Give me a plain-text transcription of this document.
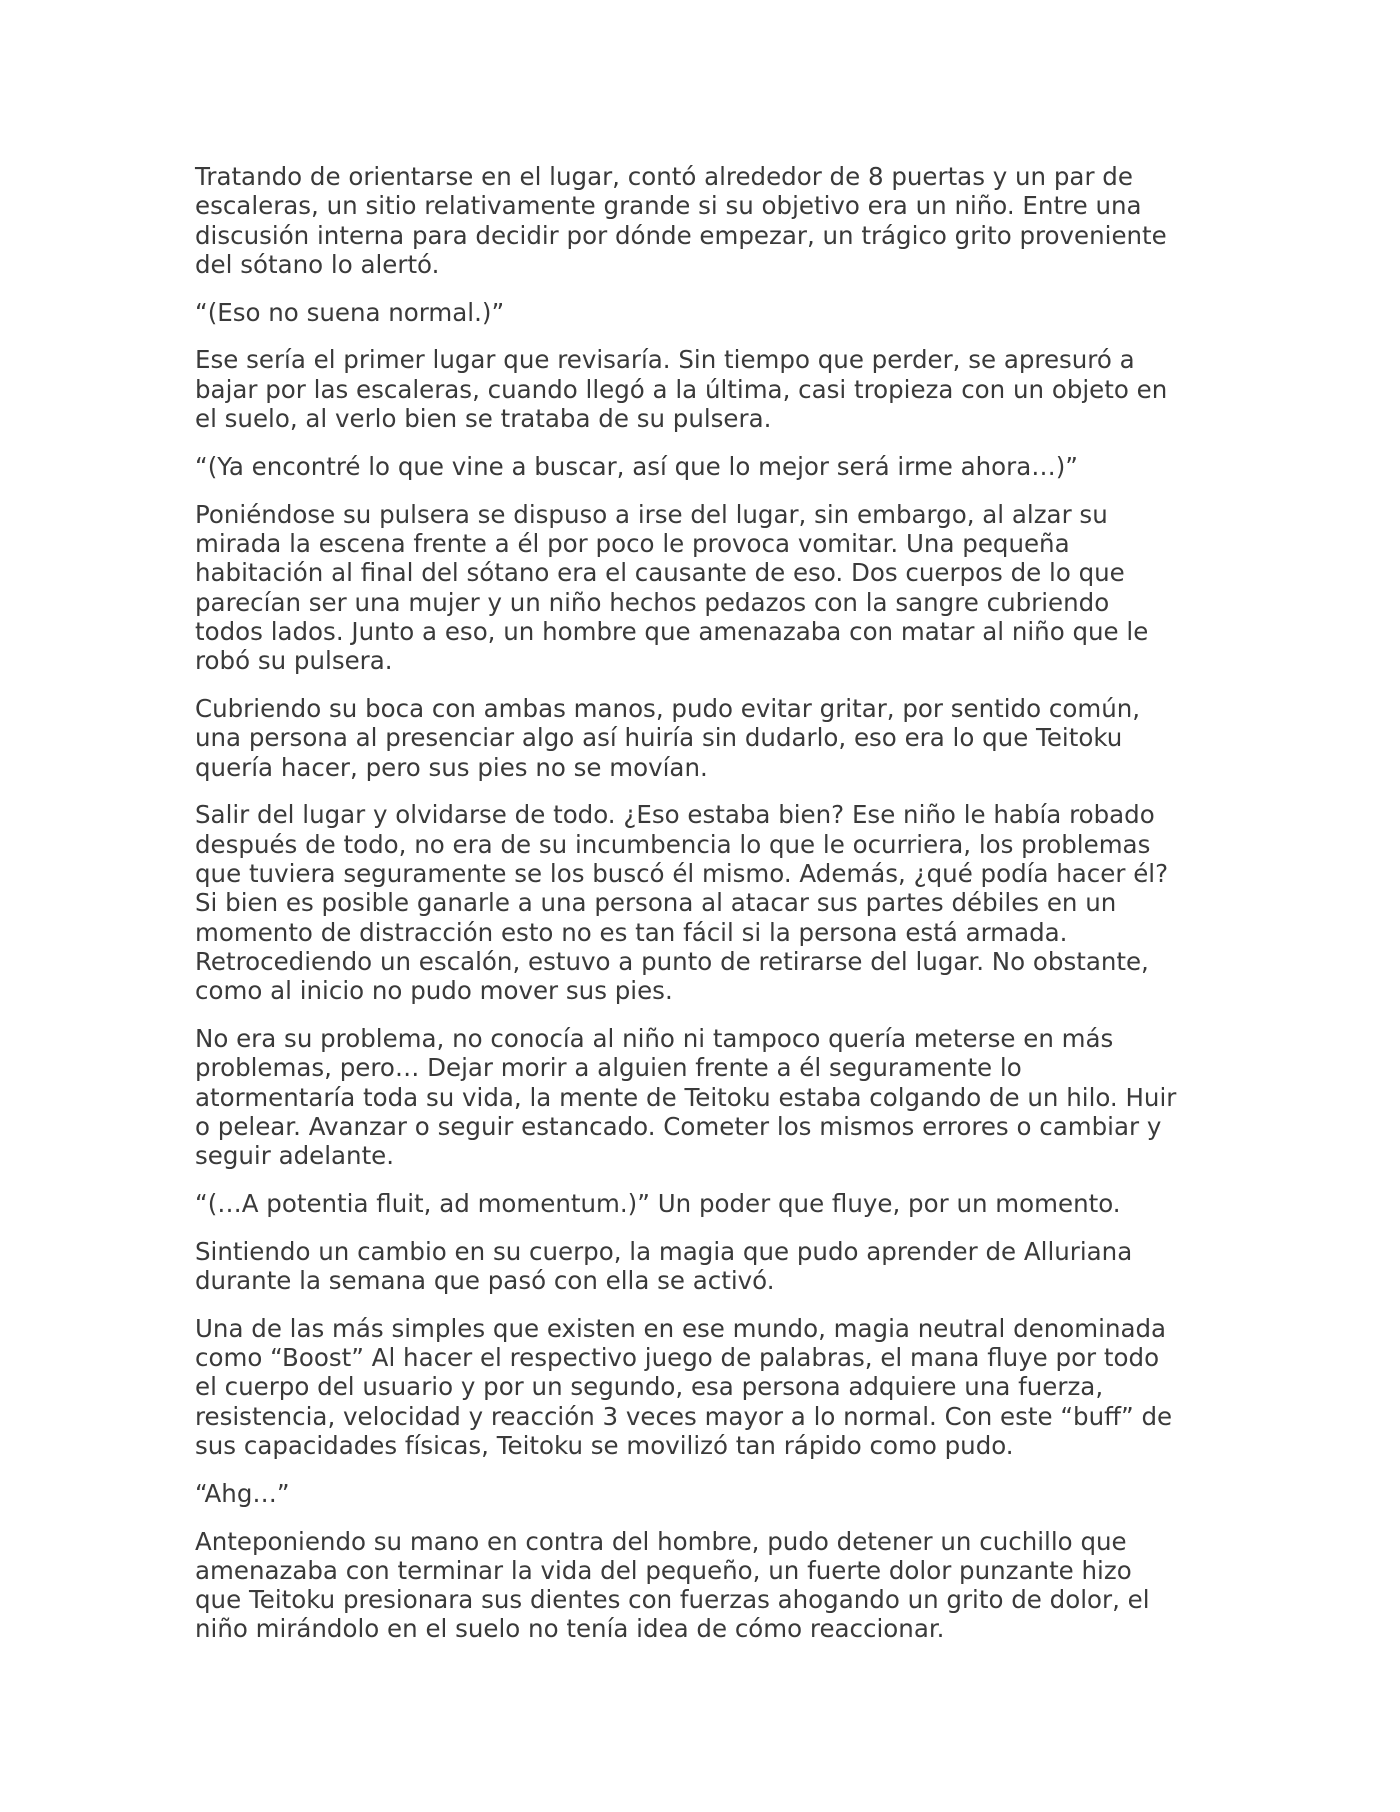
Tratando de orientarse en el lugar, contó alrededor de 8 puertas y un par de
escaleras, un sitio relativamente grande si su objetivo era un niño. Entre una
discusión interna para decidir por dónde empezar, un trágico grito proveniente
del sótano lo alertó.

“(Eso no suena normal.)”

Ese sería el primer lugar que revisaría. Sin tiempo que perder, se apresuró a
bajar por las escaleras, cuando llegó a la última, casi tropieza con un objeto en
el suelo, al verlo bien se trataba de su pulsera.

“(Ya encontré lo que vine a buscar, así que lo mejor será irme ahora…)”

Poniéndose su pulsera se dispuso a irse del lugar, sin embargo, al alzar su
mirada la escena frente a él por poco le provoca vomitar. Una pequeña
habitación al final del sótano era el causante de eso. Dos cuerpos de lo que
parecían ser una mujer y un niño hechos pedazos con la sangre cubriendo
todos lados. Junto a eso, un hombre que amenazaba con matar al niño que le
robó su pulsera.

Cubriendo su boca con ambas manos, pudo evitar gritar, por sentido común,
una persona al presenciar algo así huiría sin dudarlo, eso era lo que Teitoku
quería hacer, pero sus pies no se movían.

Salir del lugar y olvidarse de todo. ¿Eso estaba bien? Ese niño le había robado
después de todo, no era de su incumbencia lo que le ocurriera, los problemas
que tuviera seguramente se los buscó él mismo. Además, ¿qué podía hacer él?
Si bien es posible ganarle a una persona al atacar sus partes débiles en un
momento de distracción esto no es tan fácil si la persona está armada.
Retrocediendo un escalón, estuvo a punto de retirarse del lugar. No obstante,
como al inicio no pudo mover sus pies.

No era su problema, no conocía al niño ni tampoco quería meterse en más
problemas, pero… Dejar morir a alguien frente a él seguramente lo
atormentaría toda su vida, la mente de Teitoku estaba colgando de un hilo. Huir
o pelear. Avanzar o seguir estancado. Cometer los mismos errores o cambiar y
seguir adelante.

“(…A potentia fluit, ad momentum.)” Un poder que fluye, por un momento.

Sintiendo un cambio en su cuerpo, la magia que pudo aprender de Alluriana
durante la semana que pasó con ella se activó.

Una de las más simples que existen en ese mundo, magia neutral denominada
como “Boost” Al hacer el respectivo juego de palabras, el mana fluye por todo
el cuerpo del usuario y por un segundo, esa persona adquiere una fuerza,
resistencia, velocidad y reacción 3 veces mayor a lo normal. Con este “buff” de
sus capacidades físicas, Teitoku se movilizó tan rápido como pudo.

“Ahg…”

Anteponiendo su mano en contra del hombre, pudo detener un cuchillo que
amenazaba con terminar la vida del pequeño, un fuerte dolor punzante hizo
que Teitoku presionara sus dientes con fuerzas ahogando un grito de dolor, el
niño mirándolo en el suelo no tenía idea de cómo reaccionar.
